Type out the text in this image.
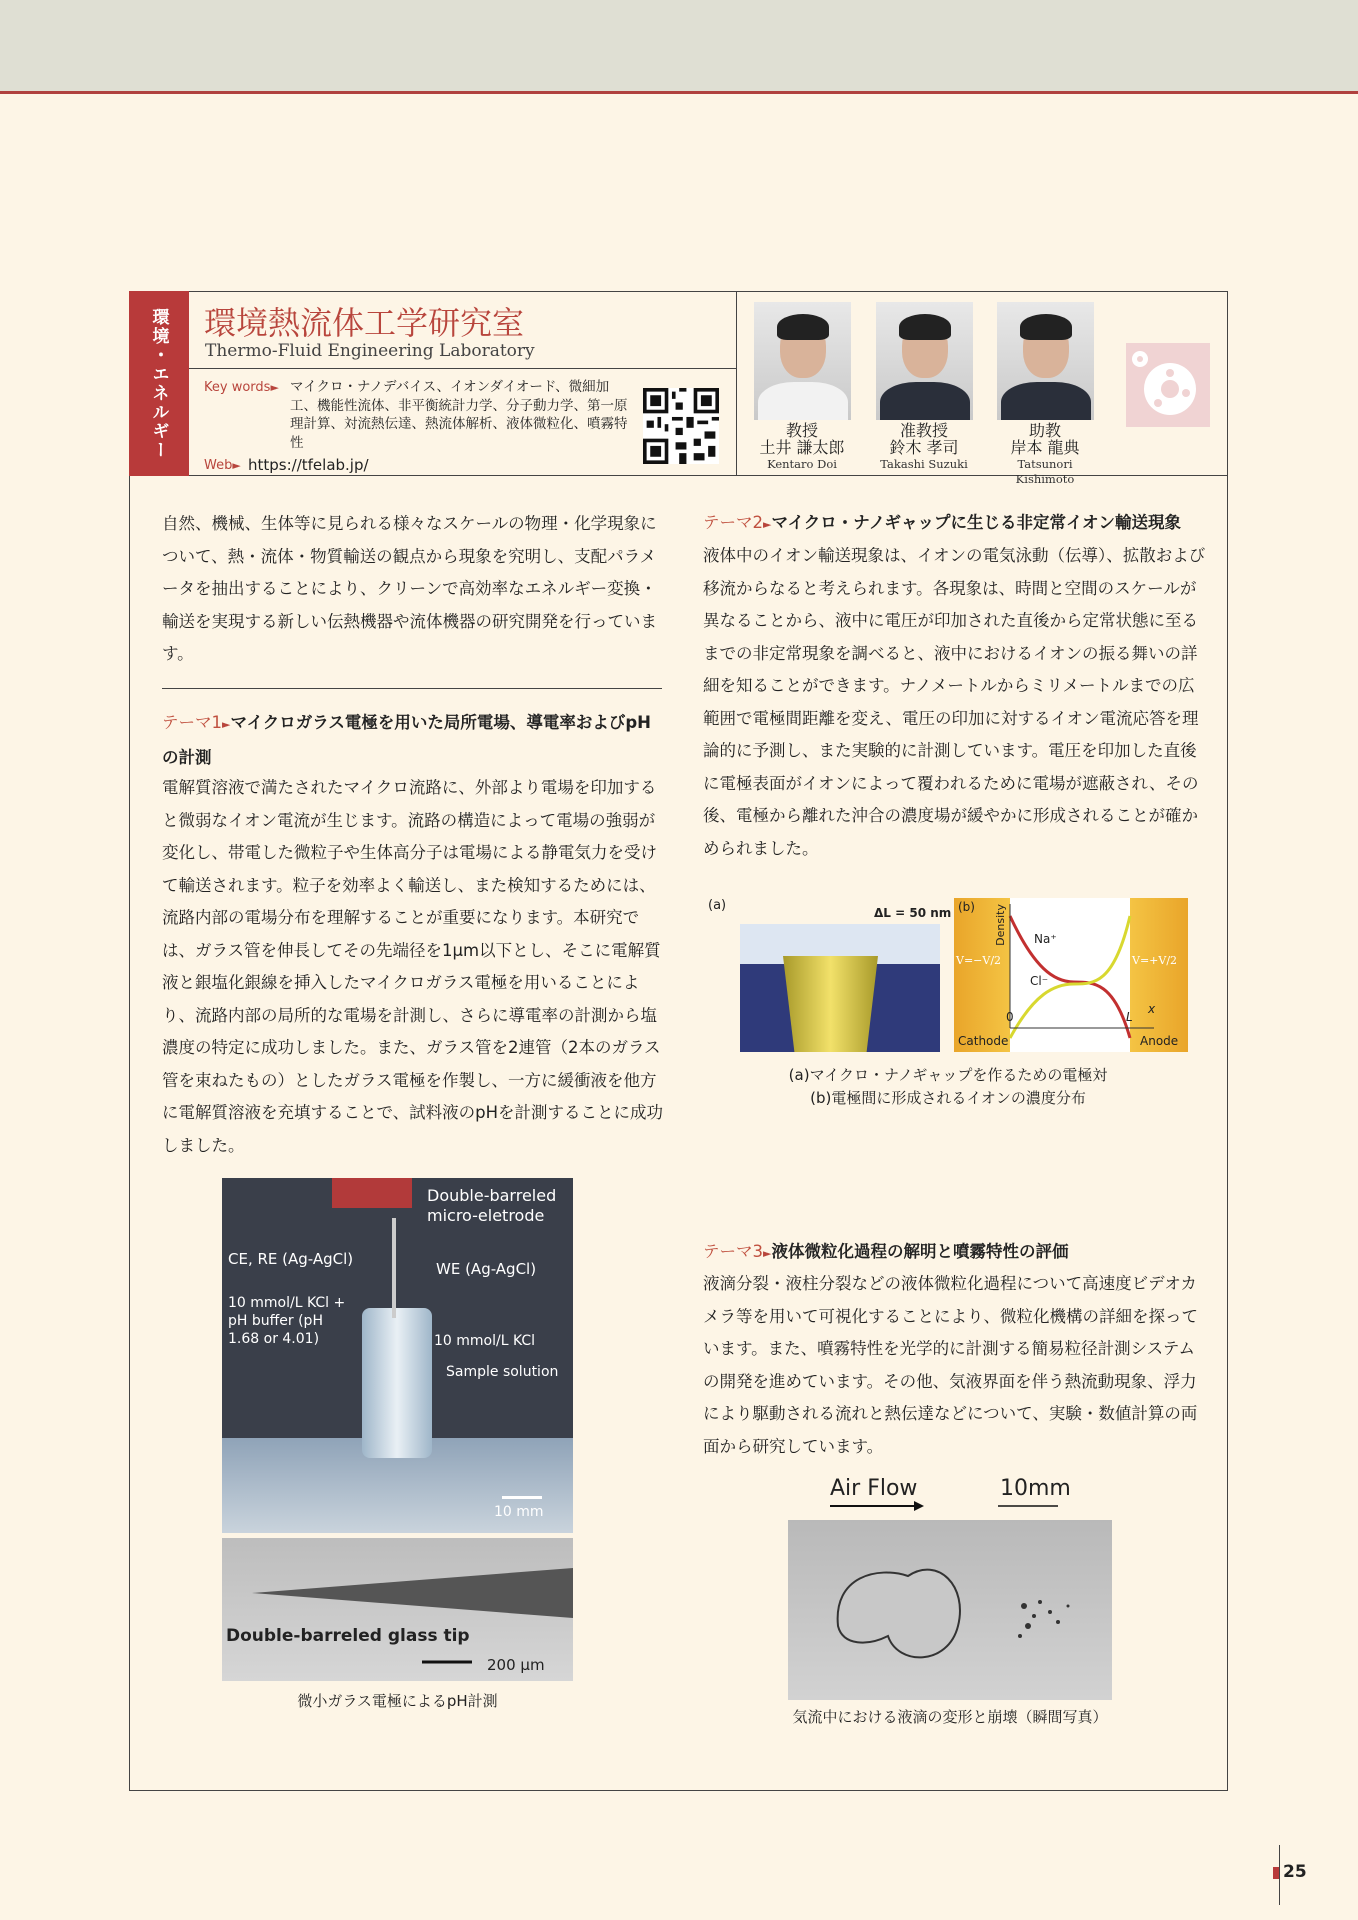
環境・エネルギー	環境熱流体工学研究室
Thermo-Fluid Engineering Laboratory
Key words► マイクロ・ナノデバイス、イオンダイオード、微細加工、機能性流体、非平衡統計力学、分子動力学、第一原理計算、対流熱伝達、熱流体解析、液体微粒化、噴霧特性
Web► https://tfelab.jp/
教授
土井 謙太郎
Kentaro Doi
准教授
鈴木 孝司
Takashi Suzuki
助教
岸本 龍典
Tatsunori Kishimoto
自然、機械、生体等に見られる様々なスケールの物理・化学現象について、熱・流体・物質輸送の観点から現象を究明し、支配パラメータを抽出することにより、クリーンで高効率なエネルギー変換・輸送を実現する新しい伝熱機器や流体機器の研究開発を行っています。
テーマ1►マイクロガラス電極を用いた局所電場、導電率およびpHの計測
電解質溶液で満たされたマイクロ流路に、外部より電場を印加すると微弱なイオン電流が生じます。流路の構造によって電場の強弱が変化し、帯電した微粒子や生体高分子は電場による静電気力を受けて輸送されます。粒子を効率よく輸送し、また検知するためには、流路内部の電場分布を理解することが重要になります。本研究では、ガラス管を伸長してその先端径を1μm以下とし、そこに電解質液と銀塩化銀線を挿入したマイクロガラス電極を用いることにより、流路内部の局所的な電場を計測し、さらに導電率の計測から塩濃度の特定に成功しました。また、ガラス管を2連管（2本のガラス管を束ねたもの）としたガラス電極を作製し、一方に緩衝液を他方に電解質溶液を充填することで、試料液のpHを計測することに成功しました。
Double-barreled micro-eletrode
CE, RE (Ag-AgCl)
WE (Ag-AgCl)
10 mmol/L KCl + pH buffer (pH 1.68 or 4.01)	10 mmol/L KCl
Sample solution
10 mm
Double-barreled glass tip
200 μm
微小ガラス電極によるpH計測
テーマ2►マイクロ・ナノギャップに生じる非定常イオン輸送現象
液体中のイオン輸送現象は、イオンの電気泳動（伝導）、拡散および移流からなると考えられます。各現象は、時間と空間のスケールが異なることから、液中に電圧が印加された直後から定常状態に至るまでの非定常現象を調べると、液中におけるイオンの振る舞いの詳細を知ることができます。ナノメートルからミリメートルまでの広範囲で電極間距離を変え、電圧の印加に対するイオン電流応答を理論的に予測し、また実験的に計測しています。電圧を印加した直後に電極表面がイオンによって覆われるために電場が遮蔽され、その後、電極から離れた沖合の濃度場が緩やかに形成されることが確かめられました。
(a)	ΔL = 50 nm (b) Density Na⁺
Cl⁻
V=−V/2	V=+V/2
0	L
x
Cathode	Anode
(a)マイクロ・ナノギャップを作るための電極対
(b)電極間に形成されるイオンの濃度分布
テーマ3►液体微粒化過程の解明と噴霧特性の評価
液滴分裂・液柱分裂などの液体微粒化過程について高速度ビデオカメラ等を用いて可視化することにより、微粒化機構の詳細を探っています。また、噴霧特性を光学的に計測する簡易粒径計測システムの開発を進めています。その他、気液界面を伴う熱流動現象、浮力により駆動される流れと熱伝達などについて、実験・数値計算の両面から研究しています。
Air Flow	10mm
気流中における液滴の変形と崩壊（瞬間写真）
25
